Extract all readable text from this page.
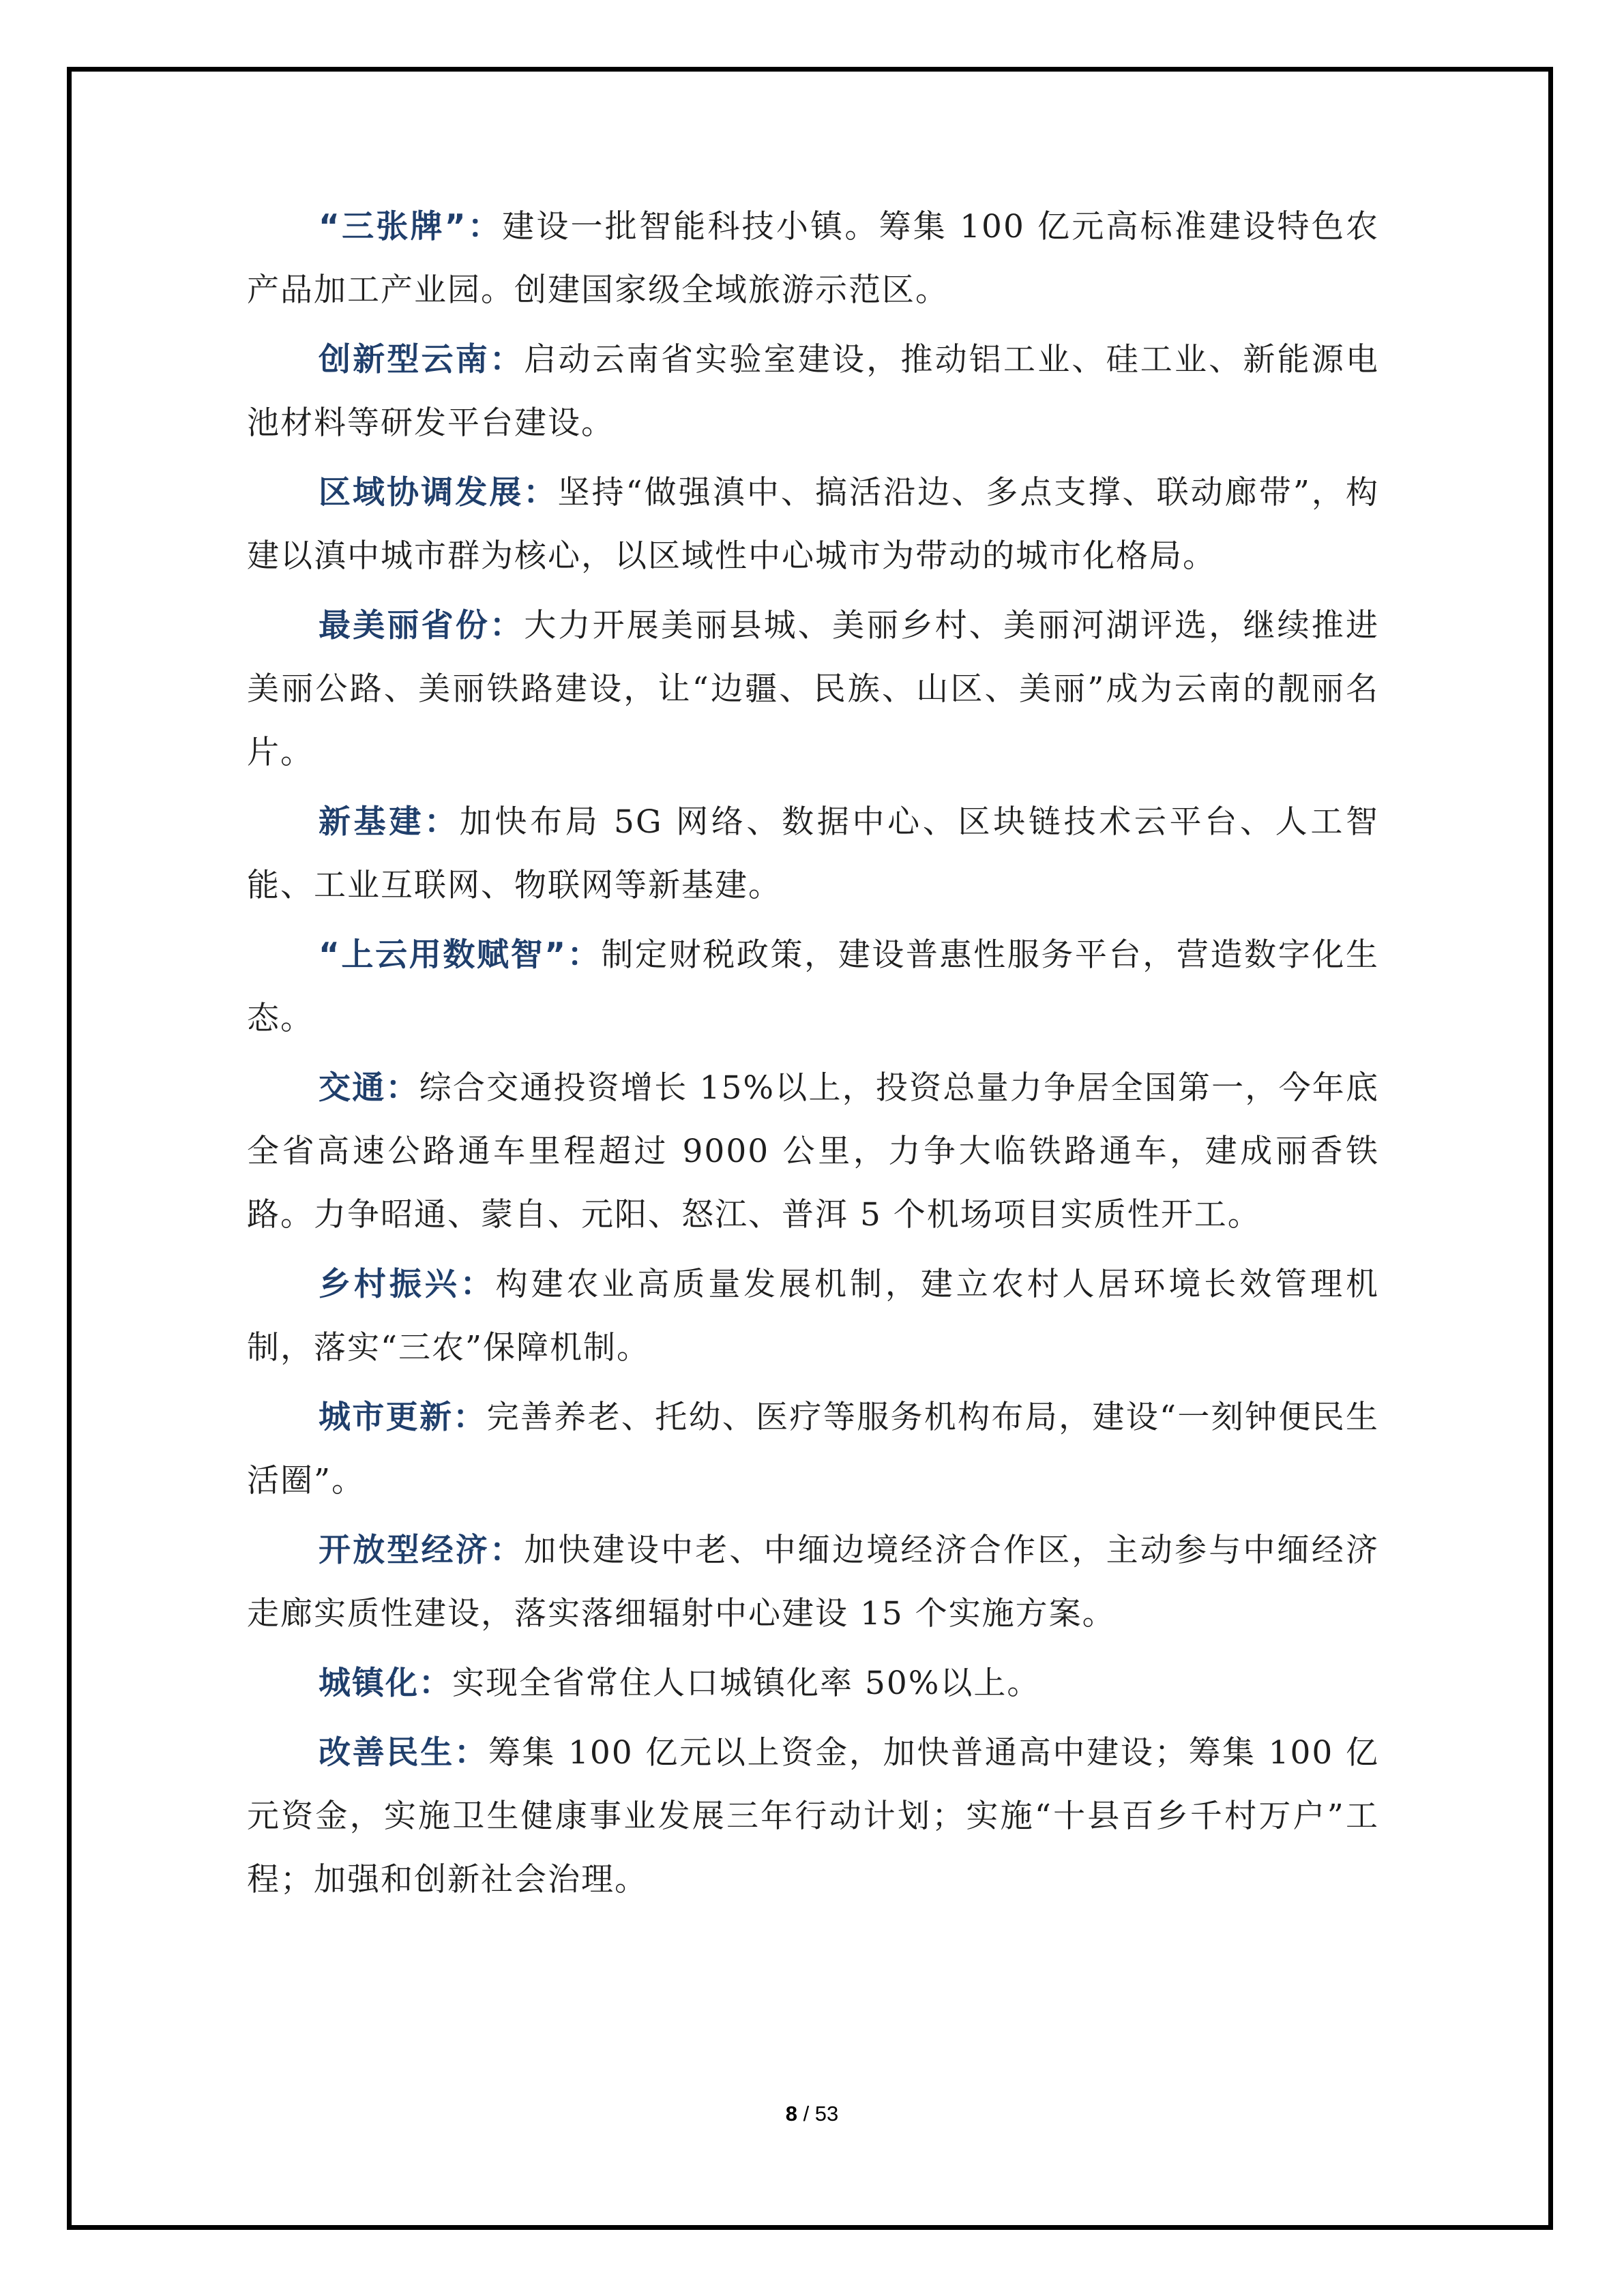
“三张牌”：建设一批智能科技小镇。筹集 100 亿元高标准建设特色农产品加工产业园。创建国家级全域旅游示范区。

创新型云南：启动云南省实验室建设，推动铝工业、硅工业、新能源电池材料等研发平台建设。

区域协调发展：坚持“做强滇中、搞活沿边、多点支撑、联动廊带”，构建以滇中城市群为核心，以区域性中心城市为带动的城市化格局。

最美丽省份：大力开展美丽县城、美丽乡村、美丽河湖评选，继续推进美丽公路、美丽铁路建设，让“边疆、民族、山区、美丽”成为云南的靓丽名片。

新基建：加快布局 5G 网络、数据中心、区块链技术云平台、人工智能、工业互联网、物联网等新基建。

“上云用数赋智”：制定财税政策，建设普惠性服务平台，营造数字化生态。

交通：综合交通投资增长 15%以上，投资总量力争居全国第一，今年底全省高速公路通车里程超过 9000 公里，力争大临铁路通车，建成丽香铁路。力争昭通、蒙自、元阳、怒江、普洱 5 个机场项目实质性开工。

乡村振兴：构建农业高质量发展机制，建立农村人居环境长效管理机制，落实“三农”保障机制。

城市更新：完善养老、托幼、医疗等服务机构布局，建设“一刻钟便民生活圈”。

开放型经济：加快建设中老、中缅边境经济合作区，主动参与中缅经济走廊实质性建设，落实落细辐射中心建设 15 个实施方案。

城镇化：实现全省常住人口城镇化率 50%以上。

改善民生：筹集 100 亿元以上资金，加快普通高中建设；筹集 100 亿元资金，实施卫生健康事业发展三年行动计划；实施“十县百乡千村万户”工程；加强和创新社会治理。

8 / 53
